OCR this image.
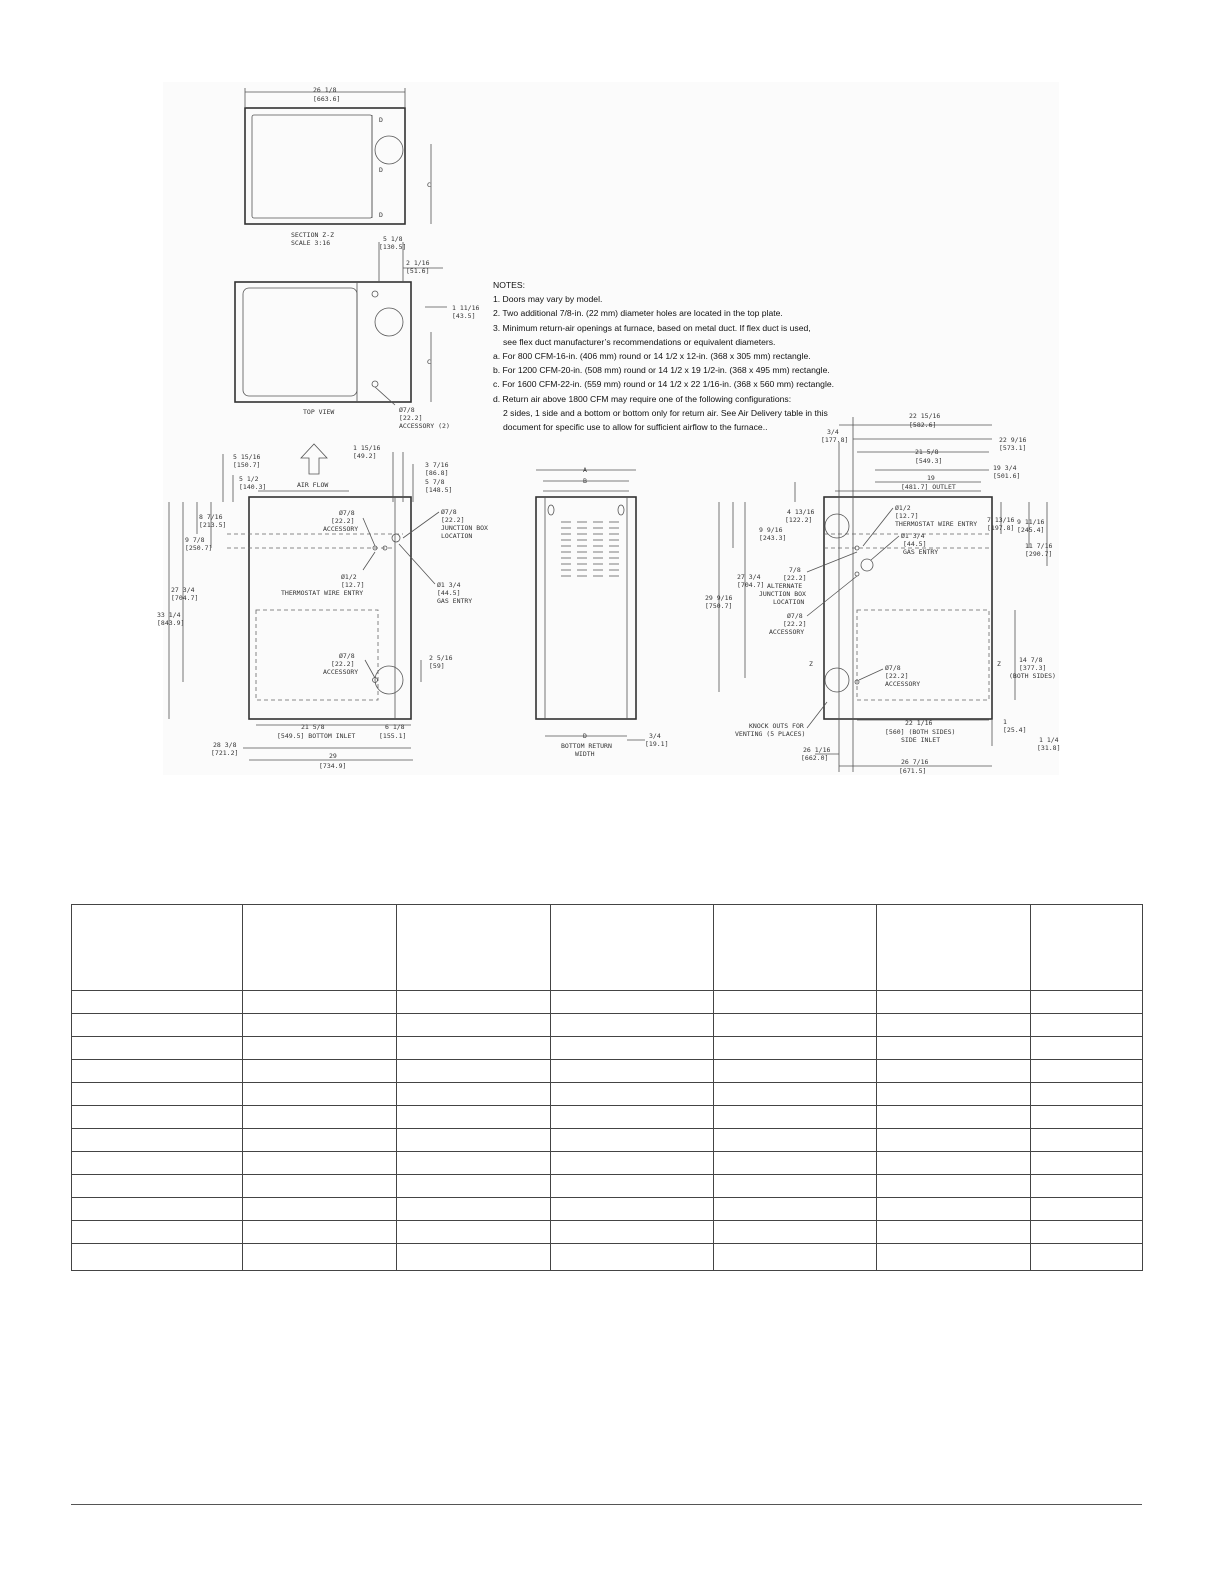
D
D
D
26 1/8
[663.6]
C
SECTION Z-Z
SCALE 3:16	5 1/8
[130.5]
2 1/16
[51.6]
1 11/16
[43.5]
C
TOP VIEW	Ø7/8
[22.2]
ACCESSORY (2)
AIR FLOW
33 1/4
[843.9]
27 3/4
[704.7]
8 7/16
[213.5]
9 7/8
[250.7]
5 15/16
[150.7]
5 1/2
[140.3]
1 15/16
[49.2]
3 7/16
[86.8]
5 7/8
[148.5]
Ø7/8
[22.2]
ACCESSORY
Ø7/8
[22.2]
JUNCTION BOX
LOCATION
Ø1/2
[12.7]
THERMOSTAT WIRE ENTRY
Ø1 3/4
[44.5]
GAS ENTRY
Ø7/8
[22.2]
ACCESSORY
2 5/16
[59]
21 5/8
[549.5] BOTTOM INLET
6 1/8
[155.1]
28 3/8
[721.2]	29
[734.9]
A
B
D
BOTTOM RETURN
WIDTH
3/4
[19.1]
22 15/16
[582.6]
3/4
[177.8]	22 9/16
[573.1]
21 5/8
[549.3]
19 3/4
[501.6]
19
[481.7] OUTLET
4 13/16
[122.2]
9 9/16
[243.3]
27 3/4
[704.7]
29 9/16
[750.7]
7 13/16
[197.8]
9 11/16
[245.4]
11 7/16
[290.7]
Ø1/2
[12.7]
THERMOSTAT WIRE ENTRY
Ø1 3/4
[44.5]
GAS ENTRY
7/8
[22.2]
ALTERNATE
JUNCTION BOX
LOCATION
Ø7/8
[22.2]
ACCESSORY
Ø7/8
[22.2]
ACCESSORY
Z	Z	14 7/8
[377.3]
(BOTH SIDES)
KNOCK OUTS FOR
VENTING (5 PLACES)
22 1/16
[560] (BOTH SIDES)
SIDE INLET
1
[25.4]
1 1/4
[31.8]
26 1/16
[662.0]	26 7/16
[671.5]
NOTES:
1. Doors may vary by model.
2. Two additional 7/8-in. (22 mm) diameter holes are located in the top plate.
3. Minimum return-air openings at furnace, based on metal duct. If flex duct is used,
see flex duct manufacturer’s recommendations or equivalent diameters.
a. For 800 CFM-16-in. (406 mm) round or 14 1/2 x 12-in. (368 x 305 mm) rectangle.
b. For 1200 CFM-20-in. (508 mm) round or 14 1/2 x 19 1/2-in. (368 x 495 mm) rectangle.
c. For 1600 CFM-22-in. (559 mm) round or 14 1/2 x 22 1/16-in. (368 x 560 mm) rectangle.
d. Return air above 1800 CFM may require one of the following configurations:
2 sides, 1 side and a bottom or bottom only for return air. See Air Delivery table in this
document for specific use to allow for sufficient airflow to the furnace..
